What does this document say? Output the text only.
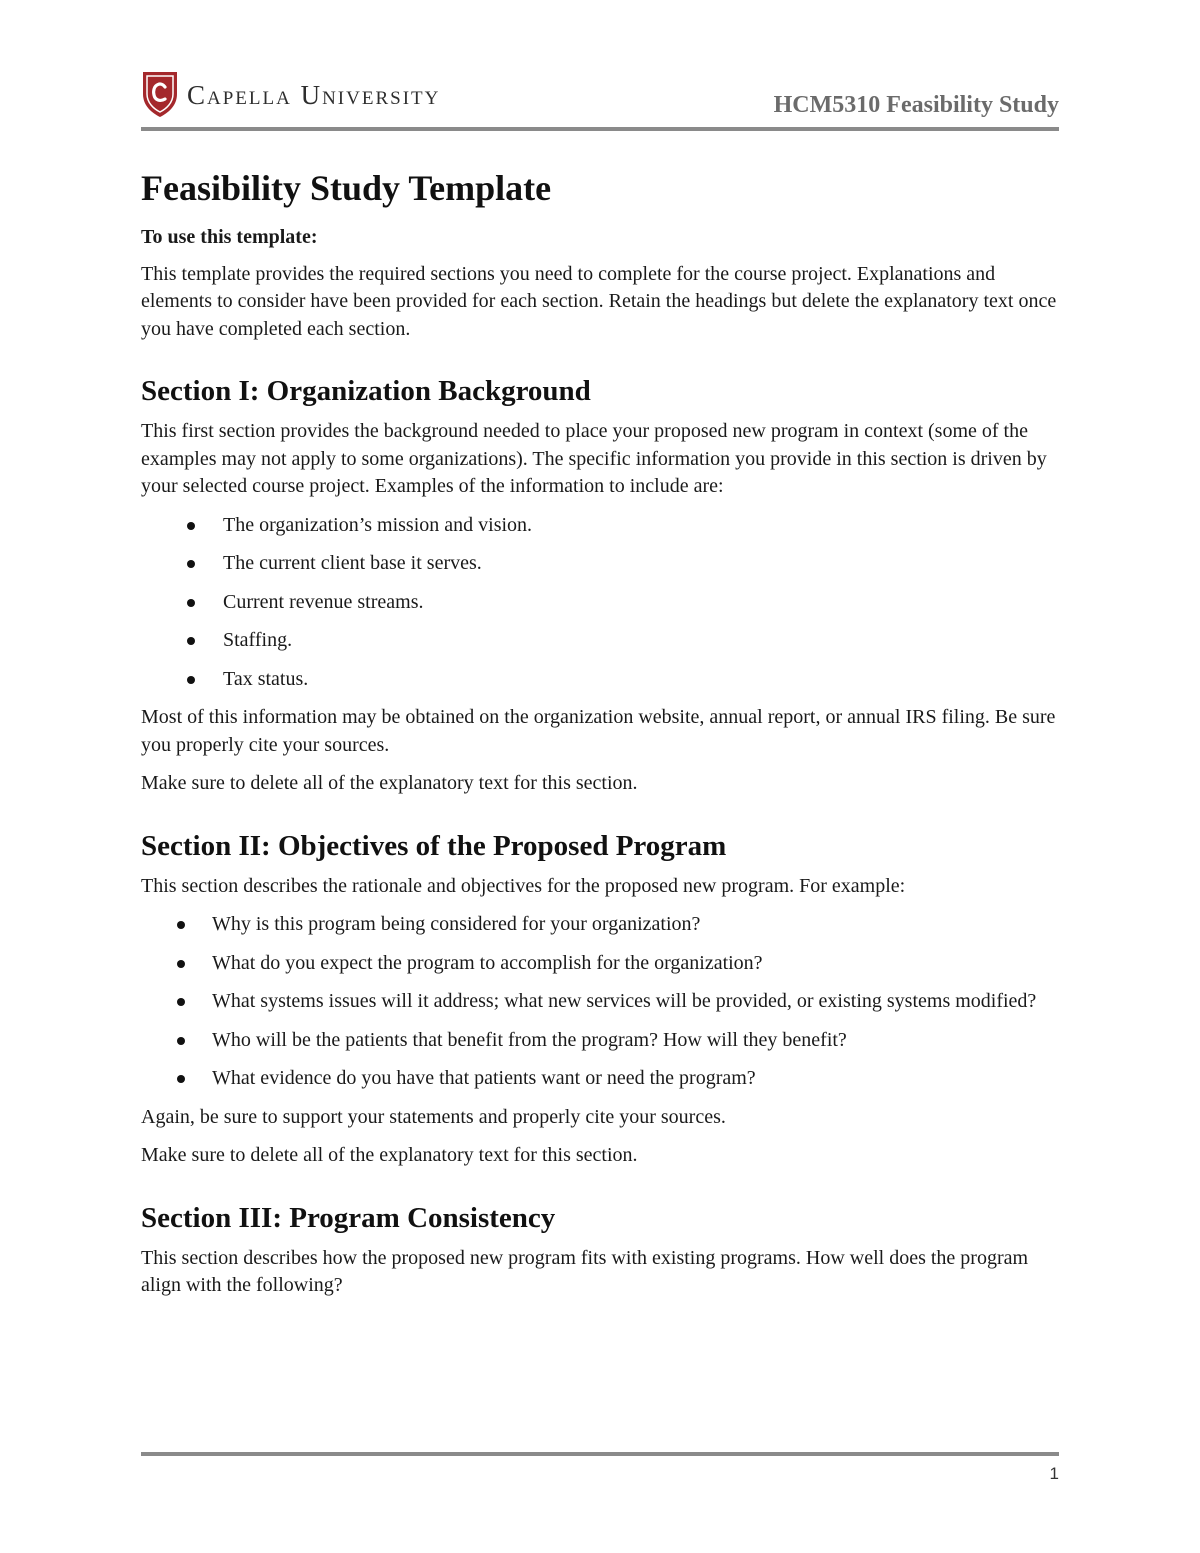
Capella University	HCM5310 Feasibility Study
Feasibility Study Template
To use this template:

This template provides the required sections you need to complete for the course project. Explanations and elements to consider have been provided for each section. Retain the headings but delete the explanatory text once you have completed each section.

Section I: Organization Background

This first section provides the background needed to place your proposed new program in context (some of the examples may not apply to some organizations). The specific information you provide in this section is driven by your selected course project. Examples of the information to include are:

The organization’s mission and vision.
The current client base it serves.
Current revenue streams.
Staffing.
Tax status.

Most of this information may be obtained on the organization website, annual report, or annual IRS filing. Be sure you properly cite your sources.

Make sure to delete all of the explanatory text for this section.

Section II: Objectives of the Proposed Program

This section describes the rationale and objectives for the proposed new program. For example:

Why is this program being considered for your organization?
What do you expect the program to accomplish for the organization?
What systems issues will it address; what new services will be provided, or existing systems modified?
Who will be the patients that benefit from the program? How will they benefit?
What evidence do you have that patients want or need the program?

Again, be sure to support your statements and properly cite your sources.

Make sure to delete all of the explanatory text for this section.

Section III: Program Consistency

This section describes how the proposed new program fits with existing programs. How well does the program align with the following?

1
